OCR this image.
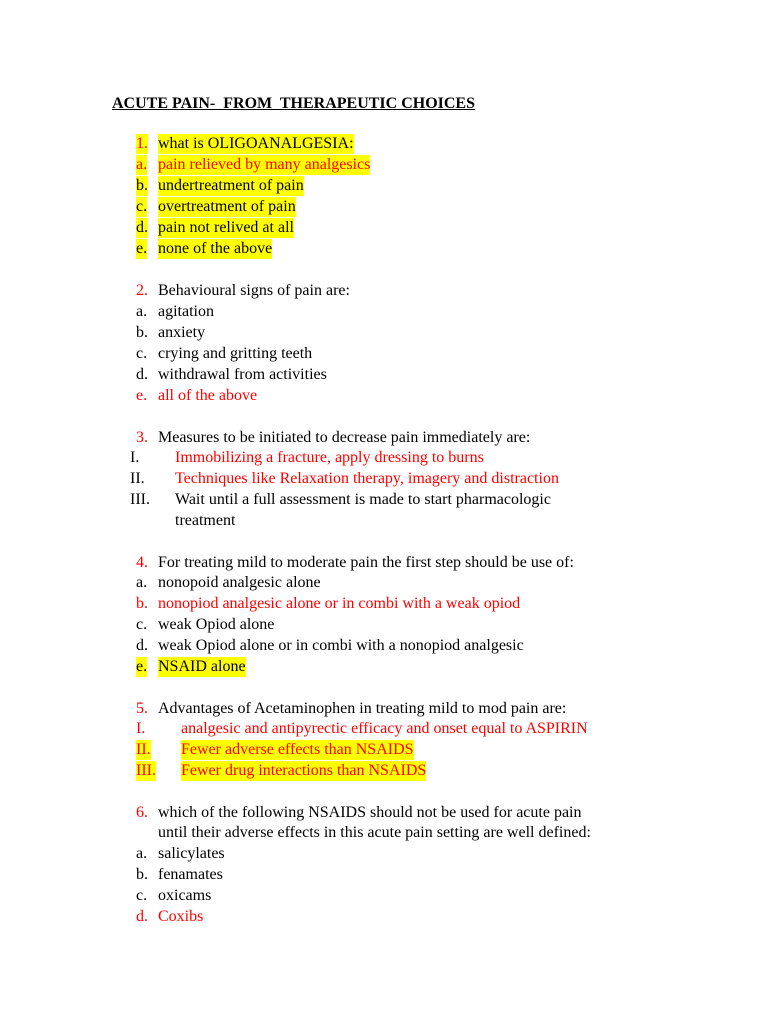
ACUTE PAIN-  FROM  THERAPEUTIC CHOICES
1. what is OLIGOANALGESIA:
a. pain relieved by many analgesics
b. undertreatment of pain
c. overtreatment of pain
d. pain not relived at all
e. none of the above
2. Behavioural signs of pain are:
a. agitation
b. anxiety
c. crying and gritting teeth
d. withdrawal from activities
e. all of the above
3. Measures to be initiated to decrease pain immediately are:
I. Immobilizing a fracture, apply dressing to burns
II. Techniques like Relaxation therapy, imagery and distraction
III. Wait until a full assessment is made to start pharmacologic
treatment
4. For treating mild to moderate pain the first step should be use of:
a. nonopoid analgesic alone
b. nonopiod analgesic alone or in combi with a weak opiod
c. weak Opiod alone
d. weak Opiod alone or in combi with a nonopiod analgesic
e. NSAID alone
5. Advantages of Acetaminophen in treating mild to mod pain are:
I. analgesic and antipyrectic efficacy and onset equal to ASPIRIN
II. Fewer adverse effects than NSAIDS
III. Fewer drug interactions than NSAIDS
6. which of the following NSAIDS should not be used for acute pain
until their adverse effects in this acute pain setting are well defined:
a. salicylates
b. fenamates
c. oxicams
d. Coxibs
